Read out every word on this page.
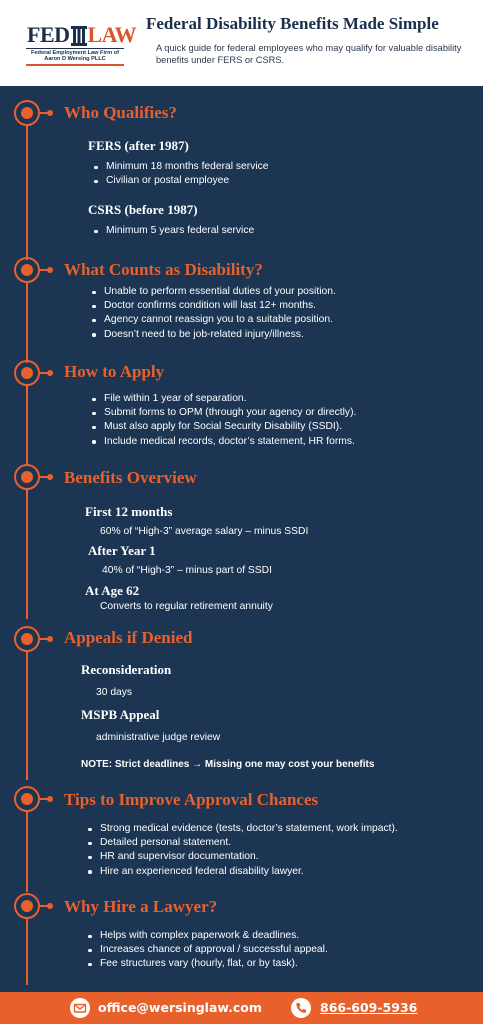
FED LAW
Federal Employment Law Firm of
Aaron D Wersing PLLC
Federal Disability Benefits Made Simple
A quick guide for federal employees who may qualify for valuable disability benefits under FERS or CSRS.
Who Qualifies?
FERS (after 1987)
Minimum 18 months federal service
Civilian or postal employee
CSRS (before 1987)
Minimum 5 years federal service
What Counts as Disability?
Unable to perform essential duties of your position.
Doctor confirms condition will last 12+ months.
Agency cannot reassign you to a suitable position.
Doesn’t need to be job-related injury/illness.
How to Apply
File within 1 year of separation.
Submit forms to OPM (through your agency or directly).
Must also apply for Social Security Disability (SSDI).
Include medical records, doctor’s statement, HR forms.
Benefits Overview
First 12 months
60% of “High-3” average salary – minus SSDI
After Year 1
40% of “High-3” – minus part of SSDI
At Age 62
Converts to regular retirement annuity
Appeals if Denied
Reconsideration
30 days
MSPB Appeal
administrative judge review
NOTE: Strict deadlines → Missing one may cost your benefits
Tips to Improve Approval Chances
Strong medical evidence (tests, doctor’s statement, work impact).
Detailed personal statement.
HR and supervisor documentation.
Hire an experienced federal disability lawyer.
Why Hire a Lawyer?
Helps with complex paperwork & deadlines.
Increases chance of approval / successful appeal.
Fee structures vary (hourly, flat, or by task).
office@wersinglaw.com	866-609-5936
